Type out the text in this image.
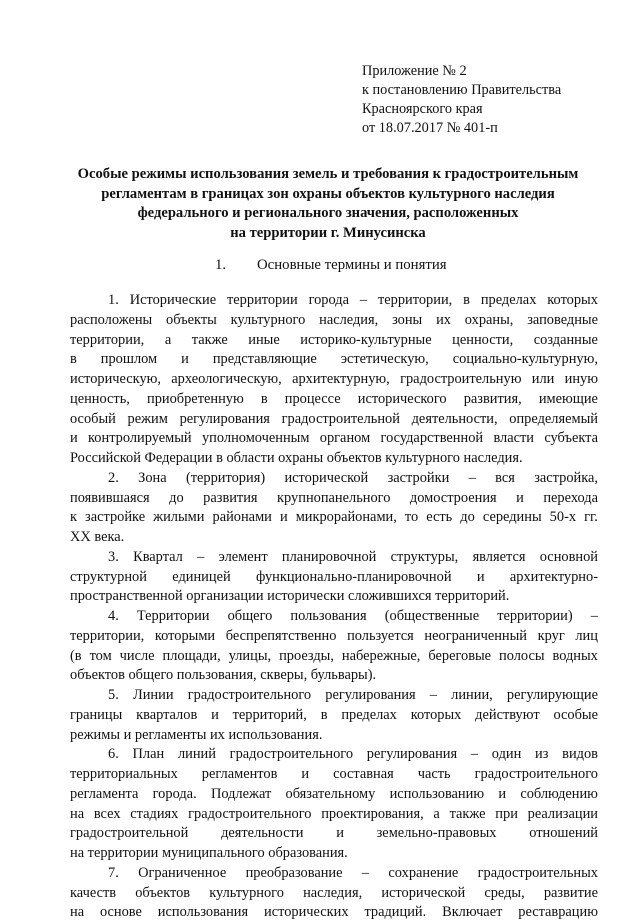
Приложение № 2
к постановлению Правительства
Красноярского края
от 18.07.2017 № 401-п
Особые режимы использования земель и требования к градостроительным
регламентам в границах зон охраны объектов культурного наследия
федерального и регионального значения, расположенных
на территории г. Минусинска
1. Основные термины и понятия
1. Исторические территории города – территории, в пределах которых
расположены объекты культурного наследия, зоны их охраны, заповедные
территории, а также иные историко-культурные ценности, созданные
в прошлом и представляющие эстетическую, социально-культурную,
историческую, археологическую, архитектурную, градостроительную или иную
ценность, приобретенную в процессе исторического развития, имеющие
особый режим регулирования градостроительной деятельности, определяемый
и контролируемый уполномоченным органом государственной власти субъекта
Российской Федерации в области охраны объектов культурного наследия.
2. Зона (территория) исторической застройки – вся застройка,
появившаяся до развития крупнопанельного домостроения и перехода
к застройке жилыми районами и микрорайонами, то есть до середины 50-х гг.
XX века.
3. Квартал – элемент планировочной структуры, является основной
структурной единицей функционально-планировочной и архитектурно-
пространственной организации исторически сложившихся территорий.
4. Территории общего пользования (общественные территории) –
территории, которыми беспрепятственно пользуется неограниченный круг лиц
(в том числе площади, улицы, проезды, набережные, береговые полосы водных
объектов общего пользования, скверы, бульвары).
5. Линии градостроительного регулирования – линии, регулирующие
границы кварталов и территорий, в пределах которых действуют особые
режимы и регламенты их использования.
6. План линий градостроительного регулирования – один из видов
территориальных регламентов и составная часть градостроительного
регламента города. Подлежат обязательному использованию и соблюдению
на всех стадиях градостроительного проектирования, а также при реализации
градостроительной деятельности и земельно-правовых отношений
на территории муниципального образования.
7. Ограниченное преобразование – сохранение градостроительных
качеств объектов культурного наследия, исторической среды, развитие
на основе использования исторических традиций. Включает реставрацию
